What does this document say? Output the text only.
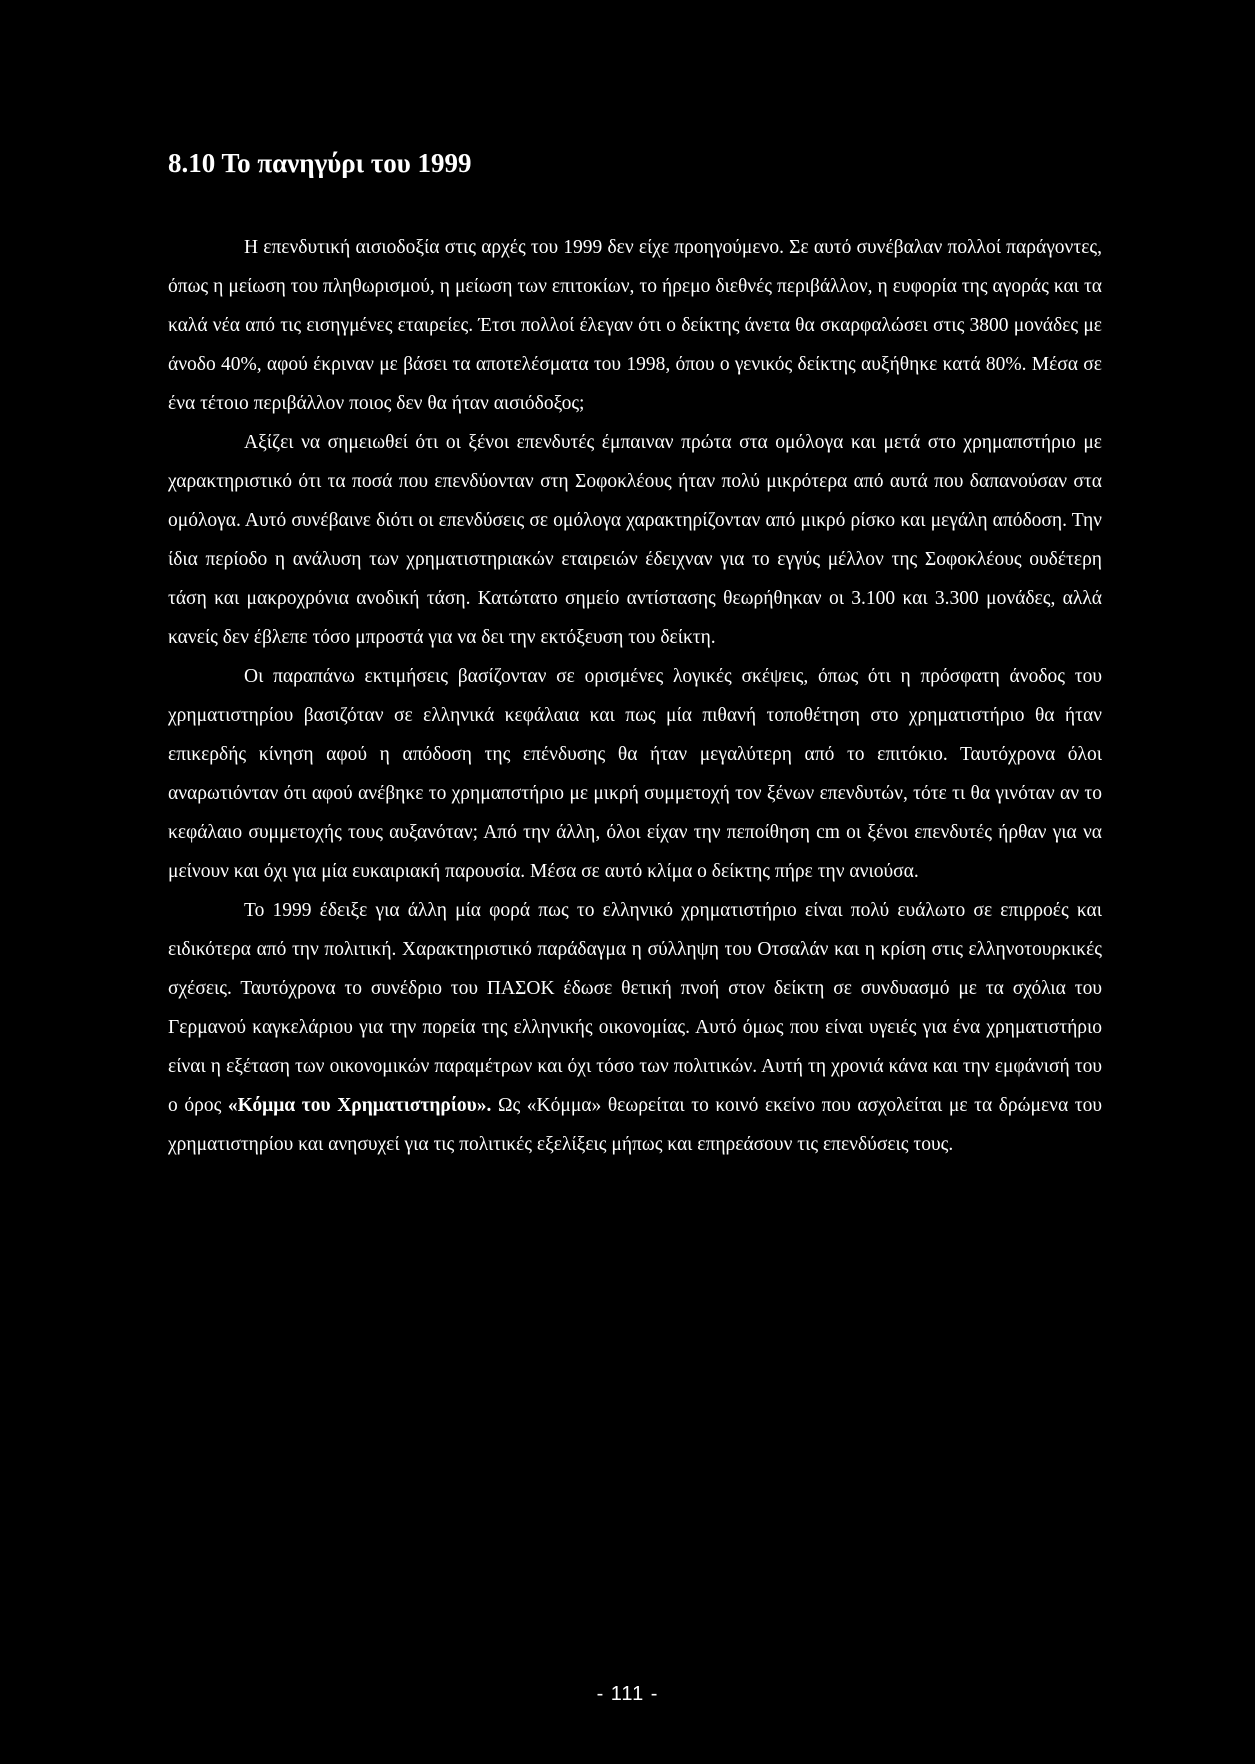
8.10 Το πανηγύρι του 1999

Η επενδυτική αισιοδοξία στις αρχές του 1999 δεν είχε προηγούμενο. Σε αυτό συνέβαλαν πολλοί παράγοντες, όπως η μείωση του πληθωρισμού, η μείωση των επιτοκίων, το ήρεμο διεθνές περιβάλλον, η ευφορία της αγοράς και τα καλά νέα από τις εισηγμένες εταιρείες. Έτσι πολλοί έλεγαν ότι ο δείκτης άνετα θα σκαρφαλώσει στις 3800 μονάδες με άνοδο 40%, αφού έκριναν με βάσει τα αποτελέσματα του 1998, όπου ο γενικός δείκτης αυξήθηκε κατά 80%. Μέσα σε ένα τέτοιο περιβάλλον ποιος δεν θα ήταν αισιόδοξος;

Αξίζει να σημειωθεί ότι οι ξένοι επενδυτές έμπαιναν πρώτα στα ομόλογα και μετά στο χρημαπστήριο με χαρακτηριστικό ότι τα ποσά που επενδύονταν στη Σοφοκλέους ήταν πολύ μικρότερα από αυτά που δαπανούσαν στα ομόλογα. Αυτό συνέβαινε διότι οι επενδύσεις σε ομόλογα χαρακτηρίζονταν από μικρό ρίσκο και μεγάλη απόδοση. Την ίδια περίοδο η ανάλυση των χρηματιστηριακών εταιρειών έδειχναν για το εγγύς μέλλον της Σοφοκλέους ουδέτερη τάση και μακροχρόνια ανοδική τάση. Κατώτατο σημείο αντίστασης θεωρήθηκαν οι 3.100 και 3.300 μονάδες, αλλά κανείς δεν έβλεπε τόσο μπροστά για να δει την εκτόξευση του δείκτη.

Οι παραπάνω εκτιμήσεις βασίζονταν σε ορισμένες λογικές σκέψεις, όπως ότι η πρόσφατη άνοδος του χρηματιστηρίου βασιζόταν σε ελληνικά κεφάλαια και πως μία πιθανή τοποθέτηση στο χρηματιστήριο θα ήταν επικερδής κίνηση αφού η απόδοση της επένδυσης θα ήταν μεγαλύτερη από το επιτόκιο. Ταυτόχρονα όλοι αναρωτιόνταν ότι αφού ανέβηκε το χρημαπστήριο με μικρή συμμετοχή τον ξένων επενδυτών, τότε τι θα γινόταν αν το κεφάλαιο συμμετοχής τους αυξανόταν; Από την άλλη, όλοι είχαν την πεποίθηση cm οι ξένοι επενδυτές ήρθαν για να μείνουν και όχι για μία ευκαιριακή παρουσία. Μέσα σε αυτό κλίμα ο δείκτης πήρε την ανιούσα.

Το 1999 έδειξε για άλλη μία φορά πως το ελληνικό χρηματιστήριο είναι πολύ ευάλωτο σε επιρροές και ειδικότερα από την πολιτική. Χαρακτηριστικό παράδαγμα η σύλληψη του Οτσαλάν και η κρίση στις ελληνοτουρκικές σχέσεις. Ταυτόχρονα το συνέδριο του ΠΑΣΟΚ έδωσε θετική πνοή στον δείκτη σε συνδυασμό με τα σχόλια του Γερμανού καγκελάριου για την πορεία της ελληνικής οικονομίας. Αυτό όμως που είναι υγειές για ένα χρηματιστήριο είναι η εξέταση των οικονομικών παραμέτρων και όχι τόσο των πολιτικών. Αυτή τη χρονιά κάνα και την εμφάνισή του ο όρος «Κόμμα του Χρηματιστηρίου». Ως «Κόμμα» θεωρείται το κοινό εκείνο που ασχολείται με τα δρώμενα του χρηματιστηρίου και ανησυχεί για τις πολιτικές εξελίξεις μήπως και επηρεάσουν τις επενδύσεις τους.

- 111 -
